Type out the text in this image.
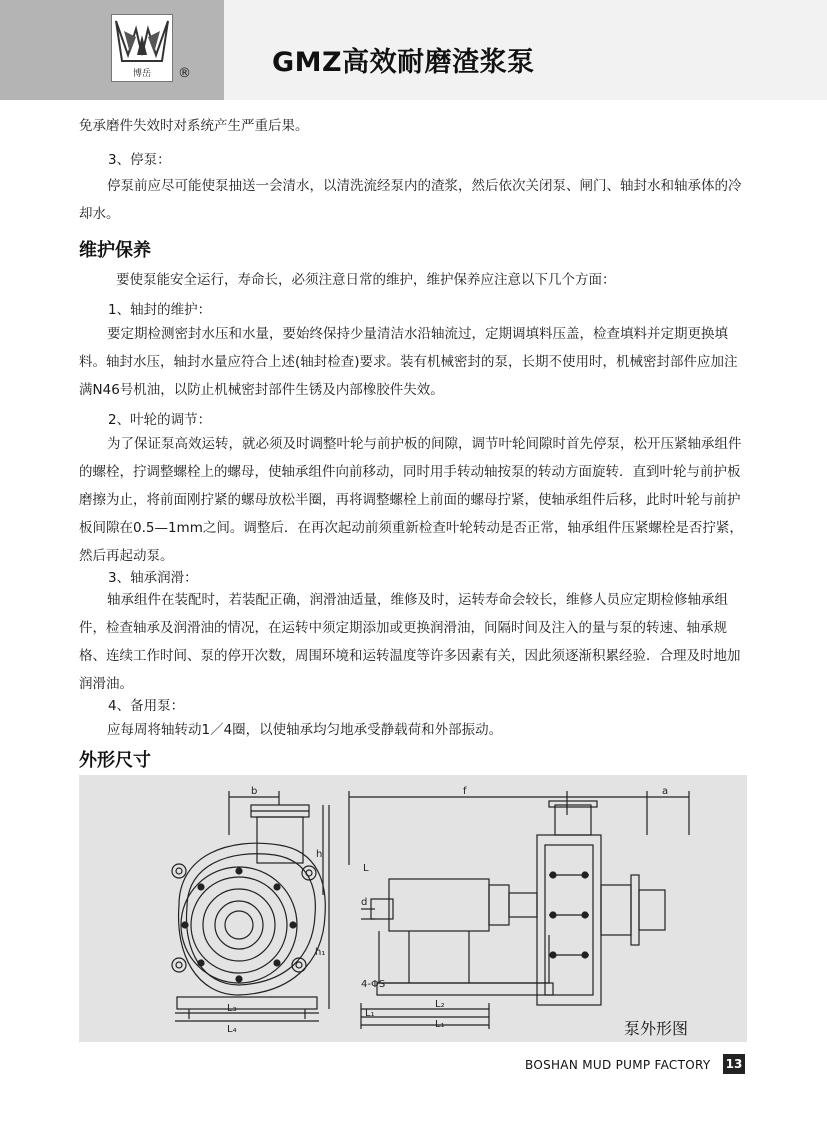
博岳	®	GMZ高效耐磨渣浆泵

免承磨件失效时对系统产生严重后果。

3、停泵：

停泵前应尽可能使泵抽送一会清水，以清洗流经泵内的渣浆，然后依次关闭泵、闸门、轴封水和轴承体的冷却水。

维护保养

要使泵能安全运行，寿命长，必须注意日常的维护，维护保养应注意以下几个方面：

1、轴封的维护：

要定期检测密封水压和水量，要始终保持少量清洁水沿轴流过，定期调填料压盖，检查填料并定期更换填料。轴封水压，轴封水量应符合上述(轴封检查)要求。装有机械密封的泵，长期不使用时，机械密封部件应加注满N46号机油，以防止机械密封部件生锈及内部橡胶件失效。

2、叶轮的调节：

为了保证泵高效运转，就必须及时调整叶轮与前护板的间隙，调节叶轮间隙时首先停泵，松开压紧轴承组件的螺栓，拧调整螺栓上的螺母，使轴承组件向前移动，同时用手转动轴按泵的转动方面旋转．直到叶轮与前护板磨擦为止，将前面刚拧紧的螺母放松半圈，再将调整螺栓上前面的螺母拧紧，使轴承组件后移，此时叶轮与前护板间隙在0.5—1mm之间。调整后．在再次起动前须重新检查叶轮转动是否正常，轴承组件压紧螺栓是否拧紧，然后再起动泵。

3、轴承润滑：

轴承组件在装配时，若装配正确，润滑油适量，维修及时，运转寿命会较长，维修人员应定期检修轴承组件，检查轴承及润滑油的情况，在运转中须定期添加或更换润滑油，间隔时间及注入的量与泵的转速、轴承规格、连续工作时间、泵的停开次数，周围环境和运转温度等许多因素有关，因此须逐渐积累经验．合理及时地加润滑油。

4、备用泵：

应每周将轴转动1／4圈，以使轴承均匀地承受静载荷和外部振动。

外形尺寸
b
h
h₁
L₃
L₄
f	a
L
d
4-ΦS
L₁
L₂
L₁	泵外形图
BOSHAN MUD PUMP FACTORY 13
